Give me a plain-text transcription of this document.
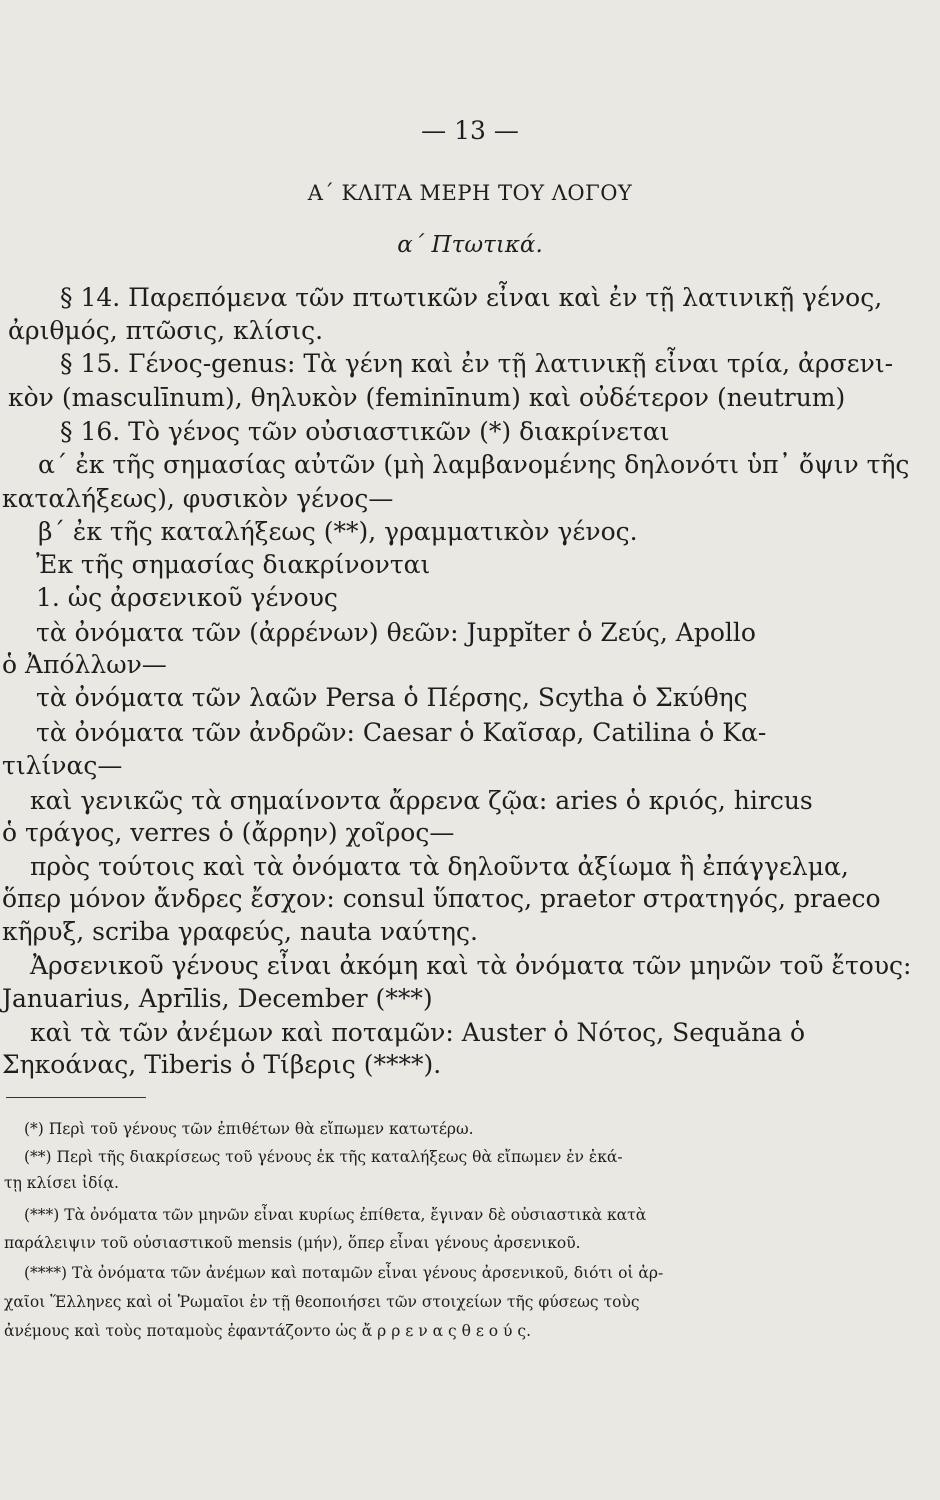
— 13 —
Α΄ ΚΛΙΤΑ ΜΕΡΗ ΤΟΥ ΛΟΓΟΥ
α΄ Πτωτικά.
§ 14. Παρεπόμενα τῶν πτωτικῶν εἶναι καὶ ἐν τῇ λατινικῇ γένος,
ἀριθμός, πτῶσις, κλίσις.
§ 15. Γένος-genus: Τὰ γένη καὶ ἐν τῇ λατινικῇ εἶναι τρία, ἀρσενι-
κὸν (masculīnum), θηλυκὸν (feminīnum) καὶ οὐδέτερον (neutrum)
§ 16. Τὸ γένος τῶν οὐσιαστικῶν (*) διακρίνεται
α΄ ἐκ τῆς σημασίας αὐτῶν (μὴ λαμβανομένης δηλονότι ὑπ᾽ ὄψιν τῆς
καταλήξεως), φυσικὸν γένος—
β΄ ἐκ τῆς καταλήξεως (**), γραμματικὸν γένος.
Ἐκ τῆς σημασίας διακρίνονται
1. ὡς ἀρσενικοῦ γένους
τὰ ὀνόματα τῶν (ἀρρένων) θεῶν: Juppĭter ὁ Ζεύς, Apollo
ὁ Ἀπόλλων—
τὰ ὀνόματα τῶν λαῶν Persa ὁ Πέρσης, Scytha ὁ Σκύθης
τὰ ὀνόματα τῶν ἀνδρῶν: Caesar ὁ Καῖσαρ, Catilina ὁ Κα-
τιλίνας—
καὶ γενικῶς τὰ σημαίνοντα ἄρρενα ζῷα: aries ὁ κριός, hircus
ὁ τράγος, verres ὁ (ἄρρην) χοῖρος—
πρὸς τούτοις καὶ τὰ ὀνόματα τὰ δηλοῦντα ἀξίωμα ἢ ἐπάγγελμα,
ὅπερ μόνον ἄνδρες ἔσχον: consul ὕπατος, praetor στρατηγός, praeco
κῆρυξ, scriba γραφεύς, nauta ναύτης.
Ἀρσενικοῦ γένους εἶναι ἀκόμη καὶ τὰ ὀνόματα τῶν μηνῶν τοῦ ἔτους:
Januarius, Aprīlis, December (***)
καὶ τὰ τῶν ἀνέμων καὶ ποταμῶν: Auster ὁ Νότος, Sequăna ὁ
Σηκοάνας, Tiberis ὁ Τίβερις (****).
(*) Περὶ τοῦ γένους τῶν ἐπιθέτων θὰ εἴπωμεν κατωτέρω.
(**) Περὶ τῆς διακρίσεως τοῦ γένους ἐκ τῆς καταλήξεως θὰ εἴπωμεν ἐν ἑκά-
τῃ κλίσει ἰδίᾳ.
(***) Τὰ ὀνόματα τῶν μηνῶν εἶναι κυρίως ἐπίθετα, ἔγιναν δὲ οὐσιαστικὰ κατὰ
παράλειψιν τοῦ οὐσιαστικοῦ mensis (μήν), ὅπερ εἶναι γένους ἀρσενικοῦ.
(****) Τὰ ὀνόματα τῶν ἀνέμων καὶ ποταμῶν εἶναι γένους ἀρσενικοῦ, διότι οἱ ἀρ-
χαῖοι Ἕλληνες καὶ οἱ Ῥωμαῖοι ἐν τῇ θεοποιήσει τῶν στοιχείων τῆς φύσεως τοὺς
ἀνέμους καὶ τοὺς ποταμοὺς ἐφαντάζοντο ὡς ἄ ρ ρ ε ν α ς θ ε ο ύ ς.
